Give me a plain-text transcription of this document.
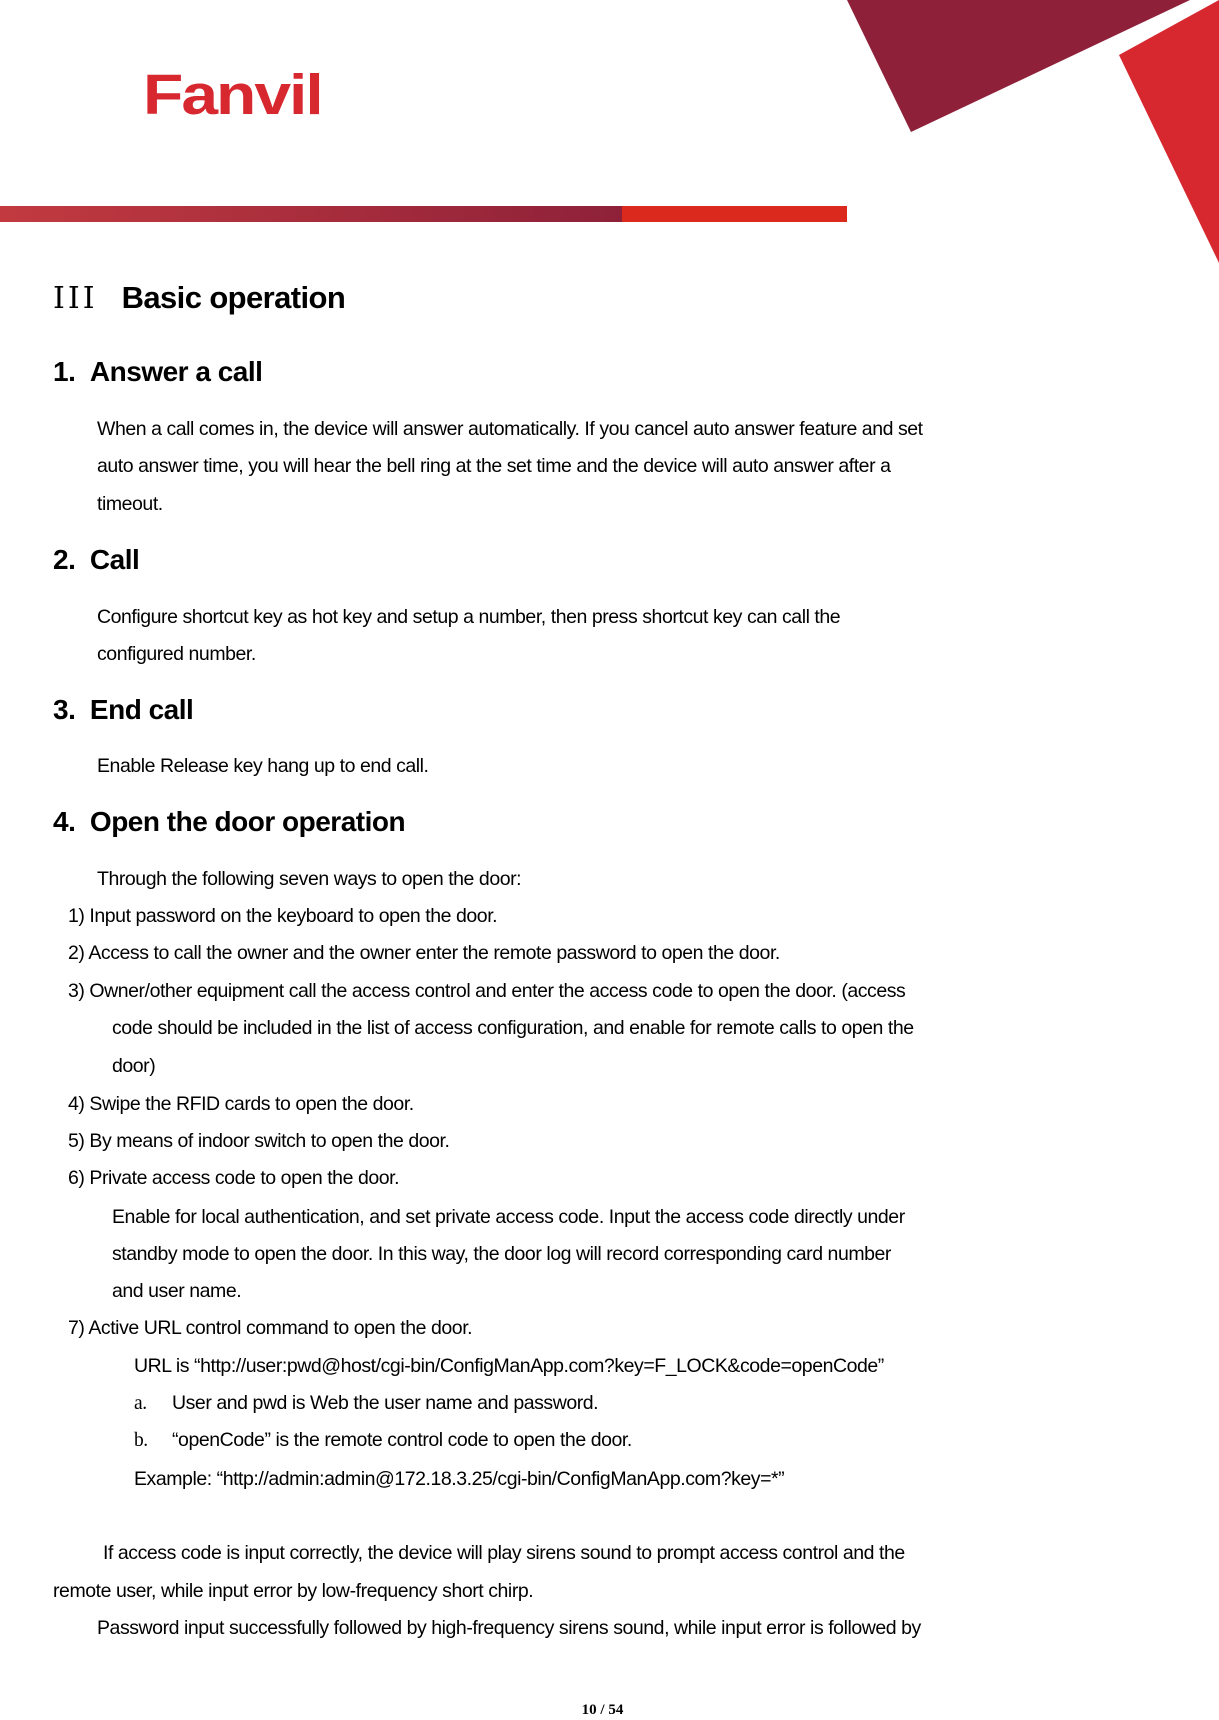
Fanvil
III Basic operation
1. Answer a call
When a call comes in, the device will answer automatically. If you cancel auto answer feature and set
auto answer time, you will hear the bell ring at the set time and the device will auto answer after a
timeout.
2. Call
Configure shortcut key as hot key and setup a number, then press shortcut key can call the
configured number.
3. End call
Enable Release key hang up to end call.
4. Open the door operation
Through the following seven ways to open the door:
1) Input password on the keyboard to open the door.
2) Access to call the owner and the owner enter the remote password to open the door.
3) Owner/other equipment call the access control and enter the access code to open the door. (access
code should be included in the list of access configuration, and enable for remote calls to open the
door)
4) Swipe the RFID cards to open the door.
5) By means of indoor switch to open the door.
6) Private access code to open the door.
Enable for local authentication, and set private access code. Input the access code directly under
standby mode to open the door. In this way, the door log will record corresponding card number
and user name.
7) Active URL control command to open the door.
URL is “http://user:pwd@host/cgi-bin/ConfigManApp.com?key=F_LOCK&code=openCode”
a. User and pwd is Web the user name and password.
b. “openCode” is the remote control code to open the door.
Example: “http://admin:admin@172.18.3.25/cgi-bin/ConfigManApp.com?key=*”
If access code is input correctly, the device will play sirens sound to prompt access control and the
remote user, while input error by low-frequency short chirp.
Password input successfully followed by high-frequency sirens sound, while input error is followed by
10 / 54
